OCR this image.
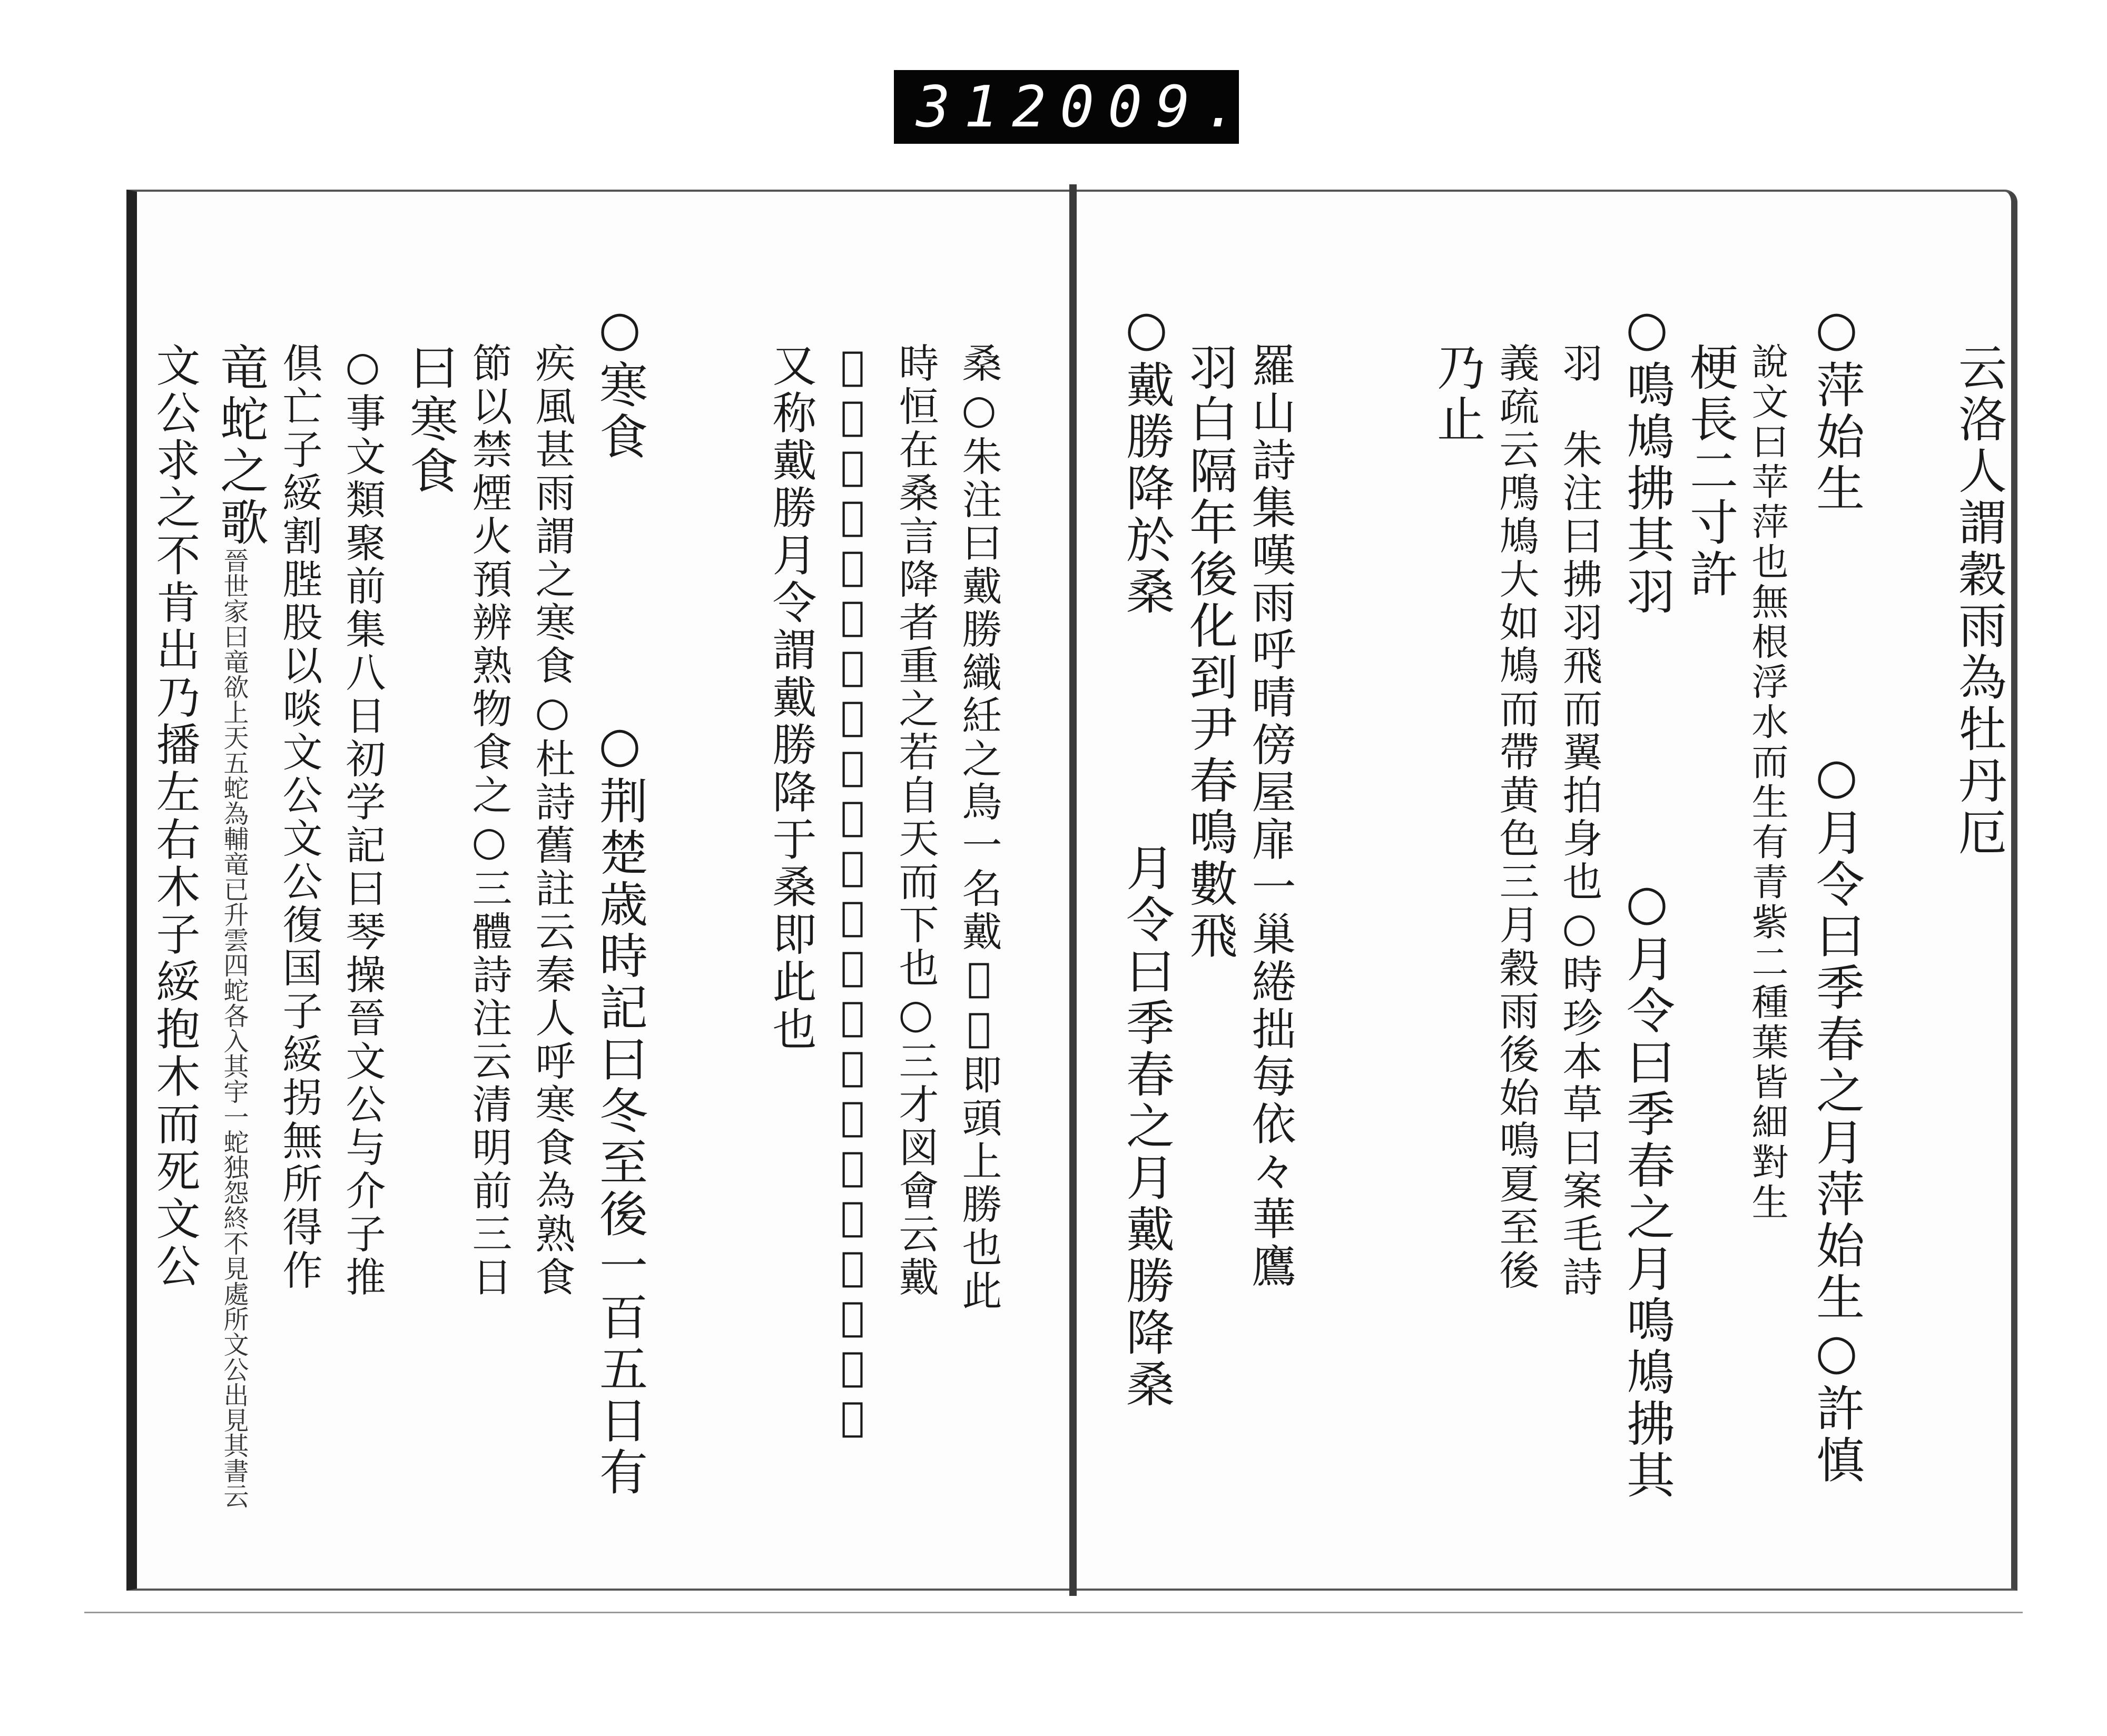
312 009.
云洛人謂穀雨為牡丹厄
○萍始生
○月令曰季春之月萍始生○許慎
說文曰苹萍也無根浮水而生有青紫二種葉皆細對生
梗長二寸許
○鳴鳩拂其羽
○月令曰季春之月鳴鳩拂其
羽　朱注曰拂羽飛而翼拍身也○時珍本草曰案毛詩
義疏云鳲鳩大如鳩而帶黄色三月穀雨後始鳴夏至後
乃止
羅山詩集嘆雨呼晴傍屋扉一巢綣拙每依々華鷹
羽白隔年後化到尹春鳴數飛
○戴勝降於桑
月令曰季春之月戴勝降桑
桑○朱注曰戴勝織紝之鳥一名戴𩾚𩾚即頭上勝也此
時恒在桑言降者重之若自天而下也○三才図會云戴
𩾚似山鵲而尾短青色尾冠倶有文綵如戴花故呼戴𩾚
又称戴勝月令謂戴勝降于桑即此也
○荆楚歳時記曰冬至後一百五日有
○寒食
疾風甚雨謂之寒食○杜詩舊註云秦人呼寒食為熟食
節以禁煙火預辨熟物食之○三體詩注云清明前三日
曰寒食
○事文類聚前集八日初学記曰琴操晉文公与介子推
倶亡子綏割䏶股以啖文公文公復国子綏拐無所得作
竜蛇之歌
晉世家曰竜欲上天五蛇為輔竜已升雲四蛇各入其宇一蛇独怨終不見處所文公出見其書云
文公求之不肯出乃播左右木子綏抱木而死文公
